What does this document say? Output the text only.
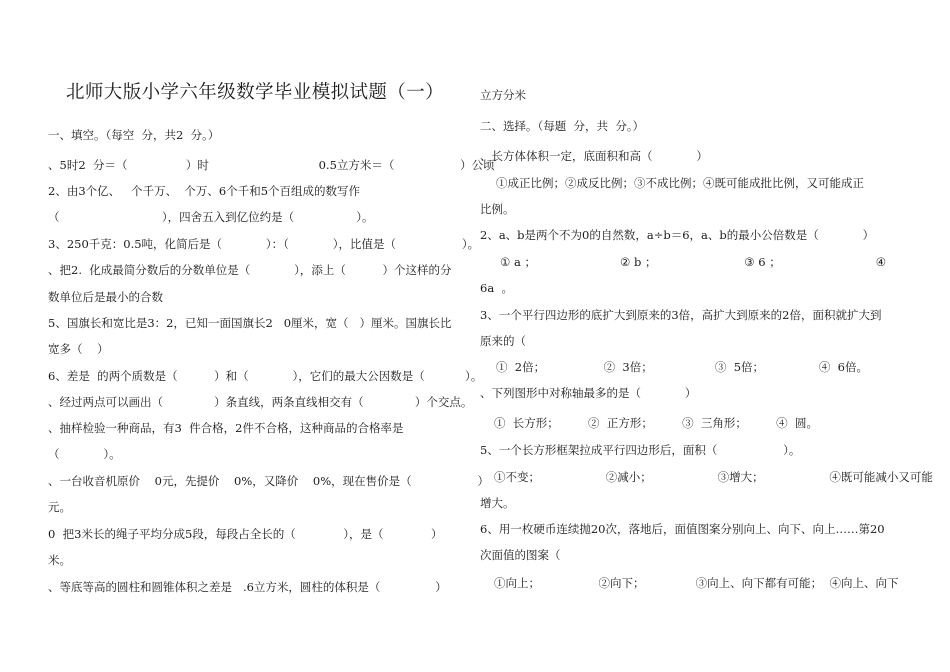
北师大版小学六年级数学毕业模拟试题（一）
一、填空。（每空  分，共2  分。）
、5时2  分＝（                ）时                              0.5立方米＝（                  ）公顷
2、由3个亿、   个千万、  个万、6个千和5个百组成的数写作
（                            ），四舍五入到亿位约是（                 ）。
3、250千克：0.5吨，化简后是（            ）：（            ），比值是（                  ）。
、把2.  化成最简分数后的分数单位是（            ），添上（          ）个这样的分
数单位后是最小的合数
5、国旗长和宽比是3：2，已知一面国旗长2   0厘米，宽（   ）厘米。国旗长比
宽多（    ）
6、差是  的两个质数是（          ）和（            ），它们的最大公因数是（           ）。
、经过两点可以画出（              ）条直线，两条直线相交有（              ）个交点。
、抽样检验一种商品，有3  件合格，2件不合格，这种商品的合格率是
（            ）。
、一台收音机原价    0元，先提价    0%，又降价    0%，现在售价是（                  ）
元。
0  把3米长的绳子平均分成5段，每段占全长的（             ），是（             ）
米。
、等底等高的圆柱和圆锥体积之差是   .6立方米，圆柱的体积是（               ）
立方分米
二、选择。（每题  分，共  分。）
、长方体体积一定，底面积和高（            ）
①成正比例；②成反比例；③不成比例；④既可能成批比例，又可能成正
比例。
2、a、b是两个不为0的自然数，a÷b＝6，a、b的最小公倍数是（            ）
① a ；                       ② b ；                        ③ 6 ；                          ④
6a  。
3、一个平行四边形的底扩大到原来的3倍，高扩大到原来的2倍，面积就扩大到
原来的（
①  2倍；                ②  3倍；                 ③  5倍；               ④  6倍。
、下列图形中对称轴最多的是（            ）
①  长方形；        ②  正方形；        ③  三角形；        ④  圆。
5、一个长方形框架拉成平行四边形后，面积（                  ）。
①不变；                  ②减小；                  ③增大；                  ④既可能减小又可能
增大。
6、用一枚硬币连续抛20次，落地后，面值图案分别向上、向下、向上……第20
次面值的图案（
①向上；                ②向下；              ③向上、向下都有可能；  ④向上、向下
